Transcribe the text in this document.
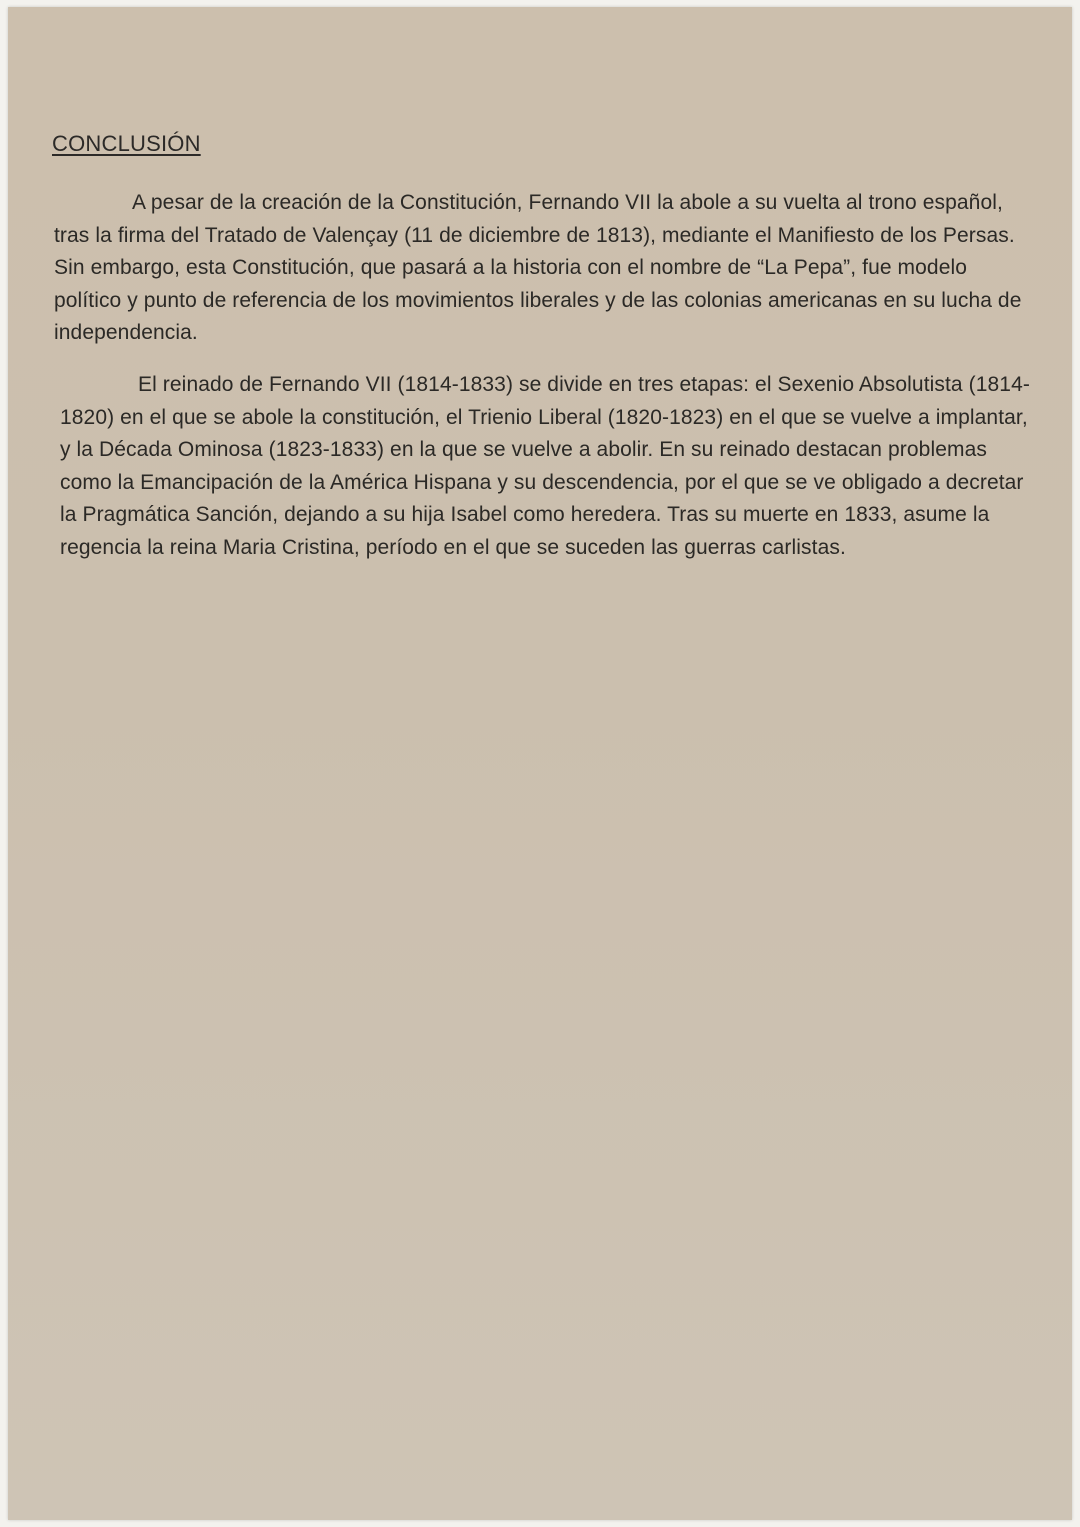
CONCLUSIÓN

A pesar de la creación de la Constitución, Fernando VII la abole a su vuelta al trono español, tras la firma del Tratado de Valençay (11 de diciembre de 1813), mediante el Manifiesto de los Persas. Sin embargo, esta Constitución, que pasará a la historia con el nombre de “La Pepa”, fue modelo político y punto de referencia de los movimientos liberales y de las colonias americanas en su lucha de independencia.

El reinado de Fernando VII (1814-1833) se divide en tres etapas: el Sexenio Absolutista (1814-1820) en el que se abole la constitución, el Trienio Liberal (1820-1823) en el que se vuelve a implantar, y la Década Ominosa (1823-1833) en la que se vuelve a abolir. En su reinado destacan problemas como la Emancipación de la América Hispana y su descendencia, por el que se ve obligado a decretar la Pragmática Sanción, dejando a su hija Isabel como heredera. Tras su muerte en 1833, asume la regencia la reina Maria Cristina, período en el que se suceden las guerras carlistas.
